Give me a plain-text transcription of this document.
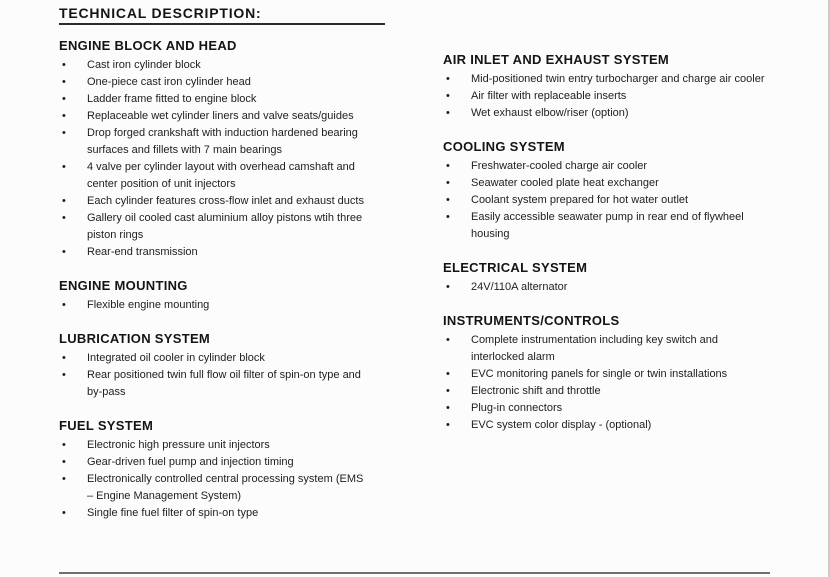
TECHNICAL DESCRIPTION:
ENGINE BLOCK AND HEAD
• Cast iron cylinder block
• One-piece cast iron cylinder head
• Ladder frame fitted to engine block
• Replaceable wet cylinder liners and valve seats/​guides
• Drop forged crankshaft with induction hardened bearing surfaces and fillets with 7 main bearings
• 4 valve per cylinder layout with overhead camshaft and center position of unit injectors
• Each cylinder features cross-flow inlet and exhaust ducts
• Gallery oil cooled cast aluminium alloy pistons wtih three piston rings
• Rear-end transmission
ENGINE MOUNTING
• Flexible engine mounting
LUBRICATION SYSTEM
• Integrated oil cooler in cylinder block
• Rear positioned twin full flow oil filter of spin-on type and by-pass
FUEL SYSTEM
• Electronic high pressure unit injectors
• Gear-driven fuel pump and injection timing
• Electronically controlled central processing system (EMS – Engine Management System)
• Single fine fuel filter of spin-on type
AIR INLET AND EXHAUST SYSTEM
• Mid-positioned twin entry turbocharger and charge air cooler
• Air filter with replaceable inserts
• Wet exhaust elbow/riser (option)
COOLING SYSTEM
• Freshwater-cooled charge air cooler
• Seawater cooled plate heat exchanger
• Coolant system prepared for hot water outlet
• Easily accessible seawater pump in rear end of flywheel housing
ELECTRICAL SYSTEM
• 24V/110A alternator
INSTRUMENTS/CONTROLS
• Complete instrumentation including key switch and interlocked alarm
• EVC monitoring panels for single or twin installations
• Electronic shift and throttle
• Plug-in connectors
• EVC system color display - (optional)
